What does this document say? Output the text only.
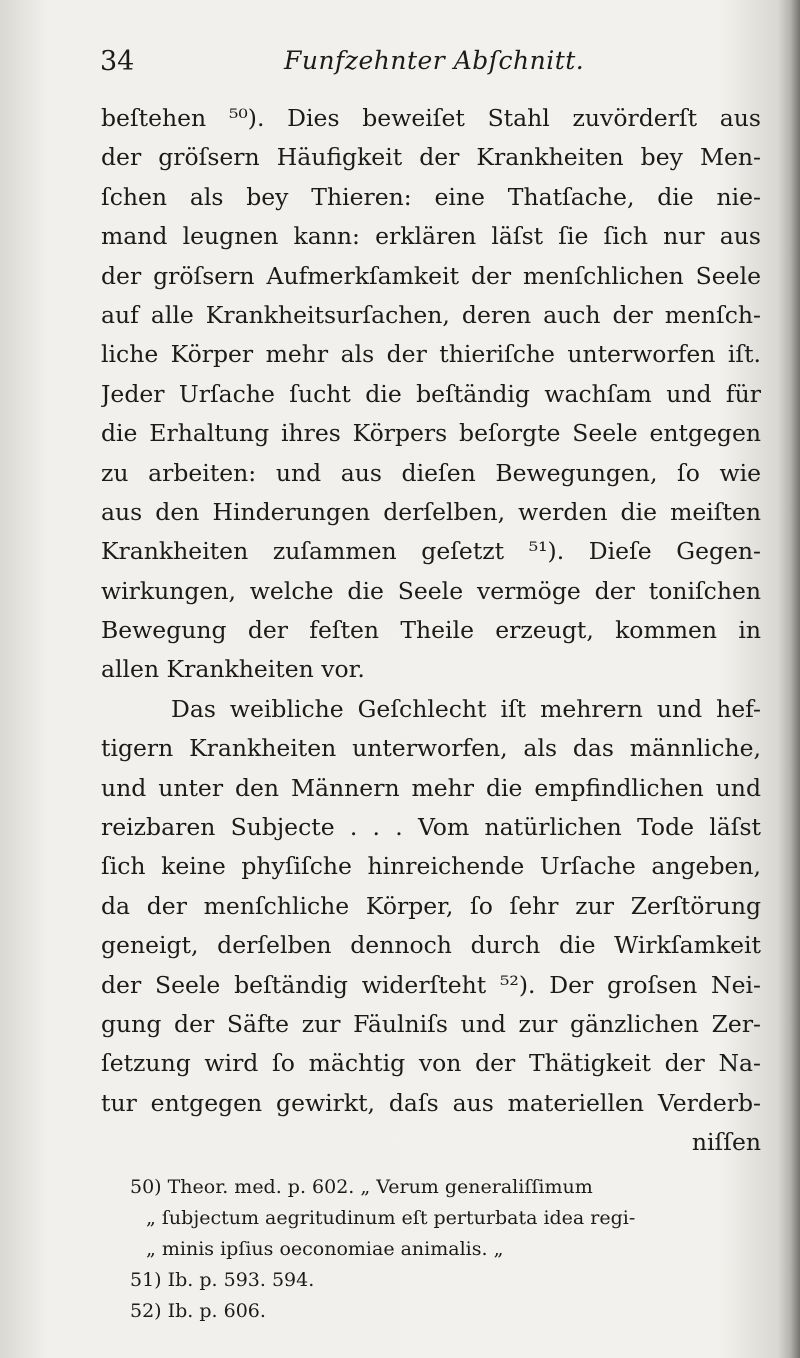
34	Funfzehnter Abſchnitt.
beſtehen ⁵⁰). Dies beweiſet Stahl zuvörderſt aus
der gröſsern Häufigkeit der Krankheiten bey Men-
ſchen als bey Thieren: eine Thatſache, die nie-
mand leugnen kann: erklären läſst ſie ſich nur aus
der gröſsern Aufmerkſamkeit der menſchlichen Seele
auf alle Krankheitsurſachen, deren auch der menſch-
liche Körper mehr als der thieriſche unterworfen iſt.
Jeder Urſache ſucht die beſtändig wachſam und für
die Erhaltung ihres Körpers beſorgte Seele entgegen
zu arbeiten: und aus dieſen Bewegungen, ſo wie
aus den Hinderungen derſelben, werden die meiſten
Krankheiten zuſammen geſetzt ⁵¹). Dieſe Gegen-
wirkungen, welche die Seele vermöge der toniſchen
Bewegung der feſten Theile erzeugt, kommen in
allen Krankheiten vor.
Das weibliche Geſchlecht iſt mehrern und hef-
tigern Krankheiten unterworfen, als das männliche,
und unter den Männern mehr die empfindlichen und
reizbaren Subjecte . . . Vom natürlichen Tode läſst
ſich keine phyſiſche hinreichende Urſache angeben,
da der menſchliche Körper, ſo ſehr zur Zerſtörung
geneigt, derſelben dennoch durch die Wirkſamkeit
der Seele beſtändig widerſteht ⁵²). Der groſsen Nei-
gung der Säfte zur Fäulniſs und zur gänzlichen Zer-
ſetzung wird ſo mächtig von der Thätigkeit der Na-
tur entgegen gewirkt, daſs aus materiellen Verderb-
niſſen
50) Theor. med. p. 602. „ Verum generaliſſimum
„ ſubjectum aegritudinum eſt perturbata idea regi-
„ minis ipſius oeconomiae animalis. „
51) Ib. p. 593. 594.
52) Ib. p. 606.
